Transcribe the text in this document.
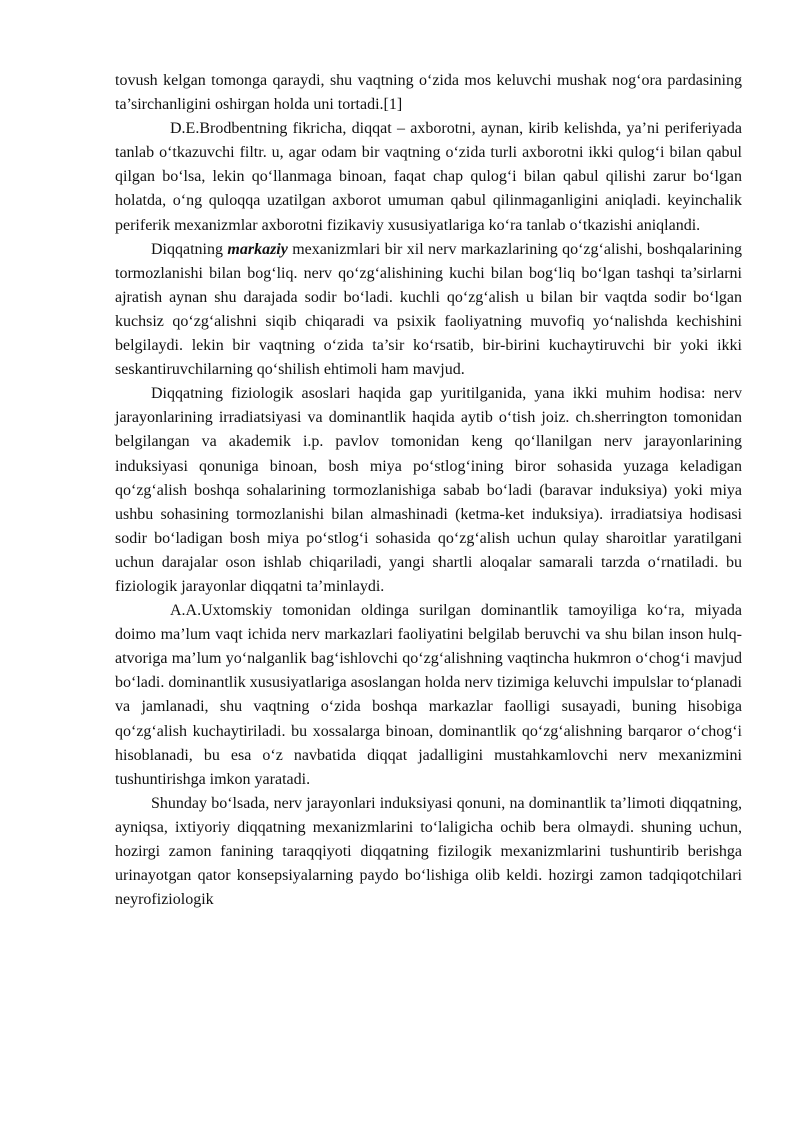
tovush kelgan tomonga qaraydi, shu vaqtning o‘zida mos keluvchi mushak nog‘ora pardasining ta’sirchanligini oshirgan holda uni tortadi.[1]

D.E.Brodbentning fikricha, diqqat – axborotni, aynan, kirib kelishda, ya’ni periferiyada tanlab o‘tkazuvchi filtr. u, agar odam bir vaqtning o‘zida turli axborotni ikki qulog‘i bilan qabul qilgan bo‘lsa, lekin qo‘llanmaga binoan, faqat chap qulog‘i bilan qabul qilishi zarur bo‘lgan holatda, o‘ng quloqqa uzatilgan axborot umuman qabul qilinmaganligini aniqladi. keyinchalik periferik mexanizmlar axborotni fizikaviy xususiyatlariga ko‘ra tanlab o‘tkazishi aniqlandi.

Diqqatning markaziy mexanizmlari bir xil nerv markazlarining qo‘zg‘alishi, boshqalarining tormozlanishi bilan bog‘liq. nerv qo‘zg‘alishining kuchi bilan bog‘liq bo‘lgan tashqi ta’sirlarni ajratish aynan shu darajada sodir bo‘ladi. kuchli qo‘zg‘alish u bilan bir vaqtda sodir bo‘lgan kuchsiz qo‘zg‘alishni siqib chiqaradi va psixik faoliyatning muvofiq yo‘nalishda kechishini belgilaydi. lekin bir vaqtning o‘zida ta’sir ko‘rsatib, bir-birini kuchaytiruvchi bir yoki ikki seskantiruvchilarning qo‘shilish ehtimoli ham mavjud.

Diqqatning fiziologik asoslari haqida gap yuritilganida, yana ikki muhim hodisa: nerv jarayonlarining irradiatsiyasi va dominantlik haqida aytib o‘tish joiz. ch.sherrington tomonidan belgilangan va akademik i.p. pavlov tomonidan keng qo‘llanilgan nerv jarayonlarining induksiyasi qonuniga binoan, bosh miya po‘stlog‘ining biror sohasida yuzaga keladigan qo‘zg‘alish boshqa sohalarining tormozlanishiga sabab bo‘ladi (baravar induksiya) yoki miya ushbu sohasining tormozlanishi bilan almashinadi (ketma-ket induksiya). irradiatsiya hodisasi sodir bo‘ladigan bosh miya po‘stlog‘i sohasida qo‘zg‘alish uchun qulay sharoitlar yaratilgani uchun darajalar oson ishlab chiqariladi, yangi shartli aloqalar samarali tarzda o‘rnatiladi. bu fiziologik jarayonlar diqqatni ta’minlaydi.

A.A.Uxtomskiy tomonidan oldinga surilgan dominantlik tamoyiliga ko‘ra, miyada doimo ma’lum vaqt ichida nerv markazlari faoliyatini belgilab beruvchi va shu bilan inson hulq-atvoriga ma’lum yo‘nalganlik bag‘ishlovchi qo‘zg‘alishning vaqtincha hukmron o‘chog‘i mavjud bo‘ladi. dominantlik xususiyatlariga asoslangan holda nerv tizimiga keluvchi impulslar to‘planadi va jamlanadi, shu vaqtning o‘zida boshqa markazlar faolligi susayadi, buning hisobiga qo‘zg‘alish kuchaytiriladi. bu xossalarga binoan, dominantlik qo‘zg‘alishning barqaror o‘chog‘i hisoblanadi, bu esa o‘z navbatida diqqat jadalligini mustahkamlovchi nerv mexanizmini tushuntirishga imkon yaratadi.

Shunday bo‘lsada, nerv jarayonlari induksiyasi qonuni, na dominantlik ta’limoti diqqatning, ayniqsa, ixtiyoriy diqqatning mexanizmlarini to‘laligicha ochib bera olmaydi. shuning uchun, hozirgi zamon fanining taraqqiyoti diqqatning fizilogik mexanizmlarini tushuntirib berishga urinayotgan qator konsepsiyalarning paydo bo‘lishiga olib keldi. hozirgi zamon tadqiqotchilari neyrofiziologik
